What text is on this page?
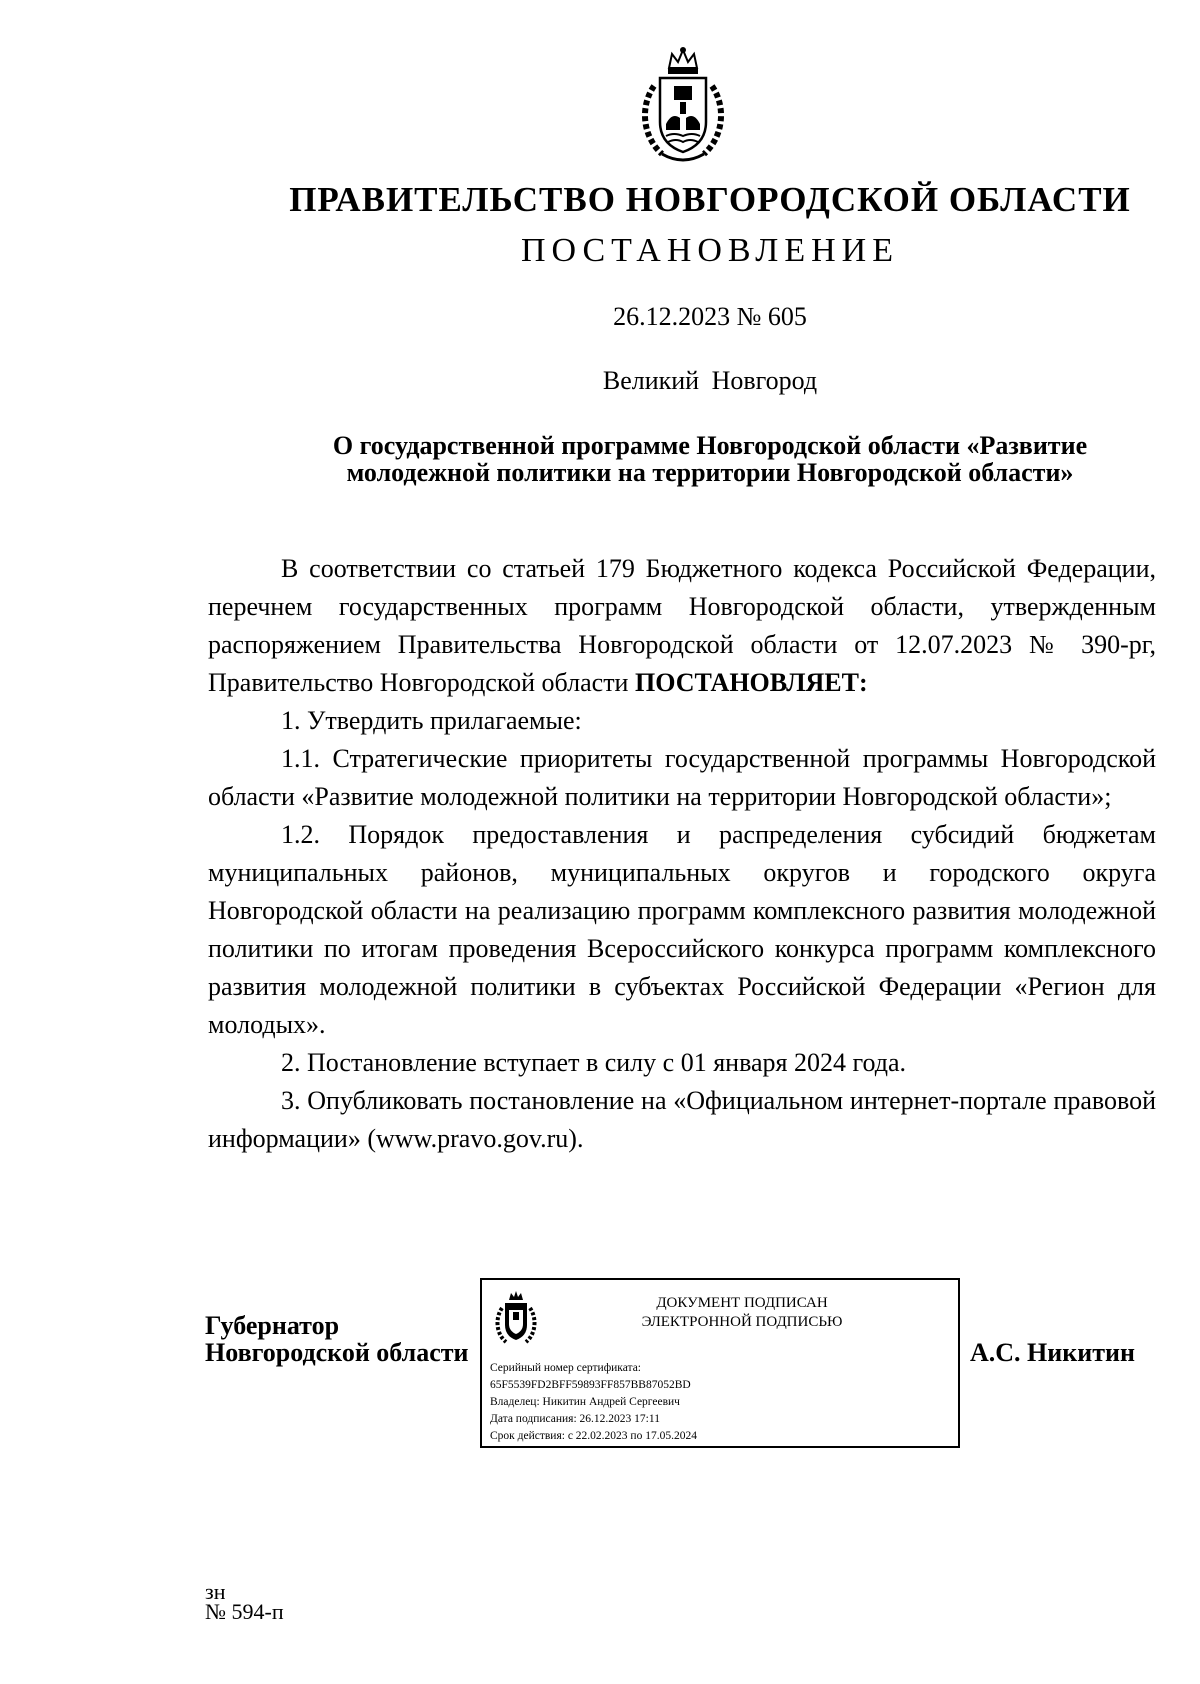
ПРАВИТЕЛЬСТВО НОВГОРОДСКОЙ ОБЛАСТИ
ПОСТАНОВЛЕНИЕ
26.12.2023 № 605
Великий Новгород
О государственной программе Новгородской области «Развитие
молодежной политики на территории Новгородской области»

В соответствии со статьей 179 Бюджетного кодекса Российской Федерации, перечнем государственных программ Новгородской области, утвержденным распоряжением Правительства Новгородской области от 12.07.2023 № 390-рг, Правительство Новгородской области ПОСТАНОВЛЯЕТ:

1. Утвердить прилагаемые:

1.1. Стратегические приоритеты государственной программы Новгородской области «Развитие молодежной политики на территории Новгородской области»;

1.2. Порядок предоставления и распределения субсидий бюджетам муниципальных районов, муниципальных округов и городского округа Новгородской области на реализацию программ комплексного развития молодежной политики по итогам проведения Всероссийского конкурса программ комплексного развития молодежной политики в субъектах Российской Федерации «Регион для молодых».

2. Постановление вступает в силу с 01 января 2024 года.

3. Опубликовать постановление на «Официальном интернет-портале правовой информации» (www.pravo.gov.ru).

Губернатор
Новгородской области
ДОКУМЕНТ ПОДПИСАН
ЭЛЕКТРОННОЙ ПОДПИСЬЮ
Серийный номер сертификата:
65F5539FD2BFF59893FF857BB87052BD
Владелец: Никитин Андрей Сергеевич
Дата подписания: 26.12.2023 17:11
Срок действия: с 22.02.2023 по 17.05.2024
А.С. Никитин
зн
№ 594-п
